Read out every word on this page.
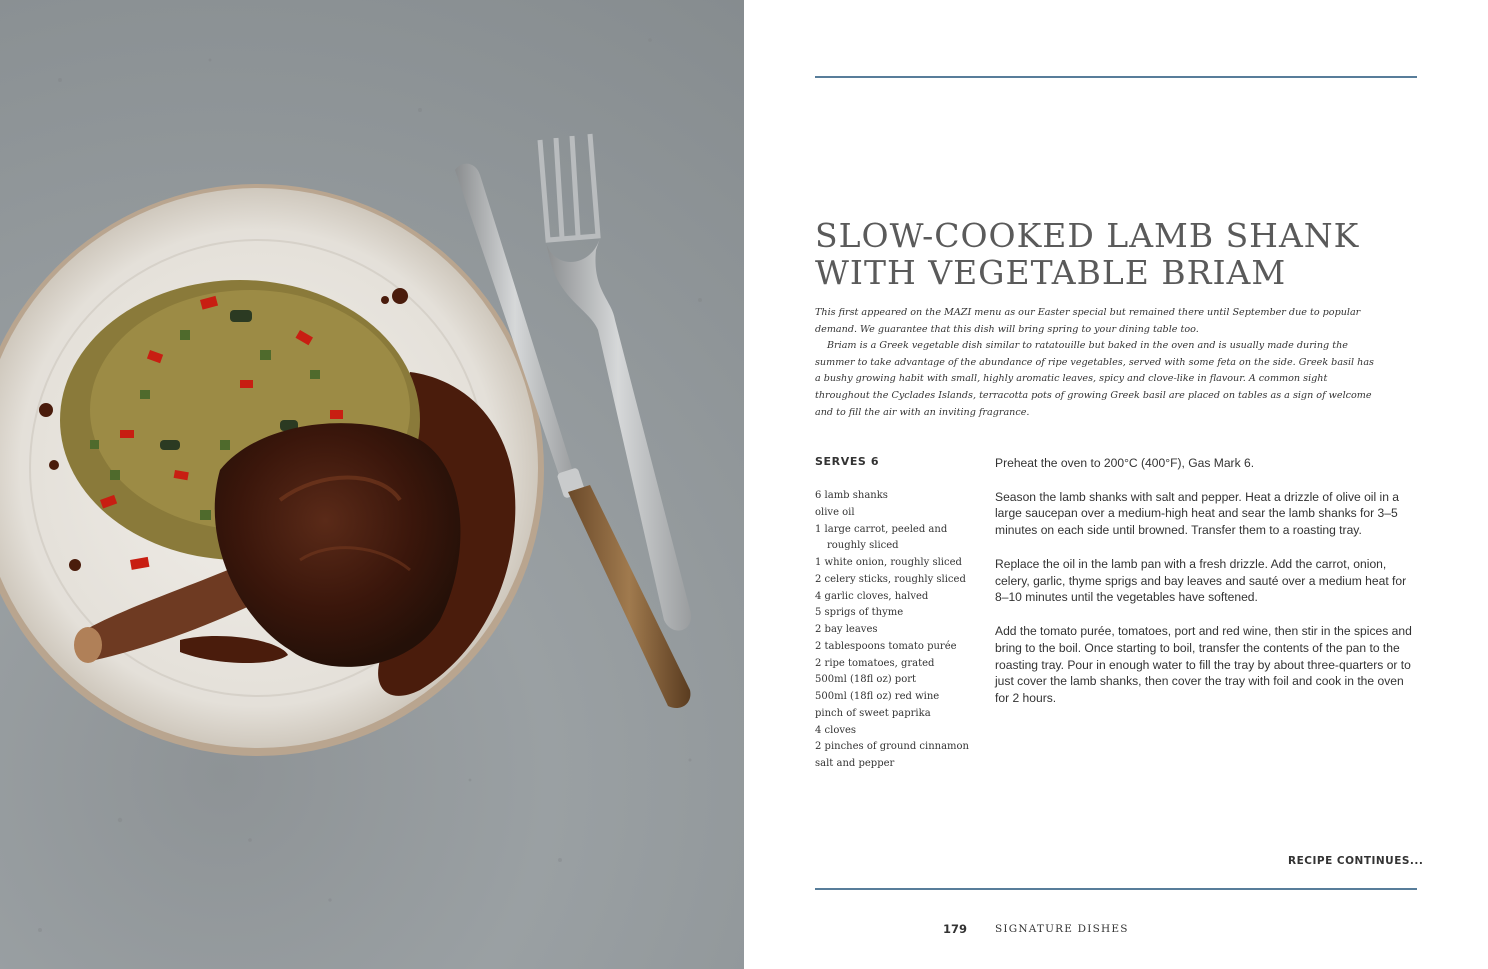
SLOW-COOKED LAMB SHANK
WITH VEGETABLE BRIAM

This first appeared on the MAZI menu as our Easter special but remained there until September due to popular demand. We guarantee that this dish will bring spring to your dining table too.

Briam is a Greek vegetable dish similar to ratatouille but baked in the oven and is usually made during the summer to take advantage of the abundance of ripe vegetables, served with some feta on the side. Greek basil has a bushy growing habit with small, highly aromatic leaves, spicy and clove-like in flavour. A common sight throughout the Cyclades Islands, terracotta pots of growing Greek basil are placed on tables as a sign of welcome and to fill the air with an inviting fragrance.

SERVES 6
6 lamb shanks
olive oil
1 large carrot, peeled and
roughly sliced
1 white onion, roughly sliced
2 celery sticks, roughly sliced
4 garlic cloves, halved
5 sprigs of thyme
2 bay leaves
2 tablespoons tomato purée
2 ripe tomatoes, grated
500ml (18fl oz) port
500ml (18fl oz) red wine
pinch of sweet paprika
4 cloves
2 pinches of ground cinnamon
salt and pepper

Preheat the oven to 200°C (400°F), Gas Mark 6.

Season the lamb shanks with salt and pepper. Heat a drizzle of olive oil in a large saucepan over a medium-high heat and sear the lamb shanks for 3–5 minutes on each side until browned. Transfer them to a roasting tray.

Replace the oil in the lamb pan with a fresh drizzle. Add the carrot, onion, celery, garlic, thyme sprigs and bay leaves and sauté over a medium heat for 8–10 minutes until the vegetables have softened.

Add the tomato purée, tomatoes, port and red wine, then stir in the spices and bring to the boil. Once starting to boil, transfer the contents of the pan to the roasting tray. Pour in enough water to fill the tray by about three-quarters or to just cover the lamb shanks, then cover the tray with foil and cook in the oven for 2 hours.

RECIPE CONTINUES...
179	SIGNATURE DISHES
